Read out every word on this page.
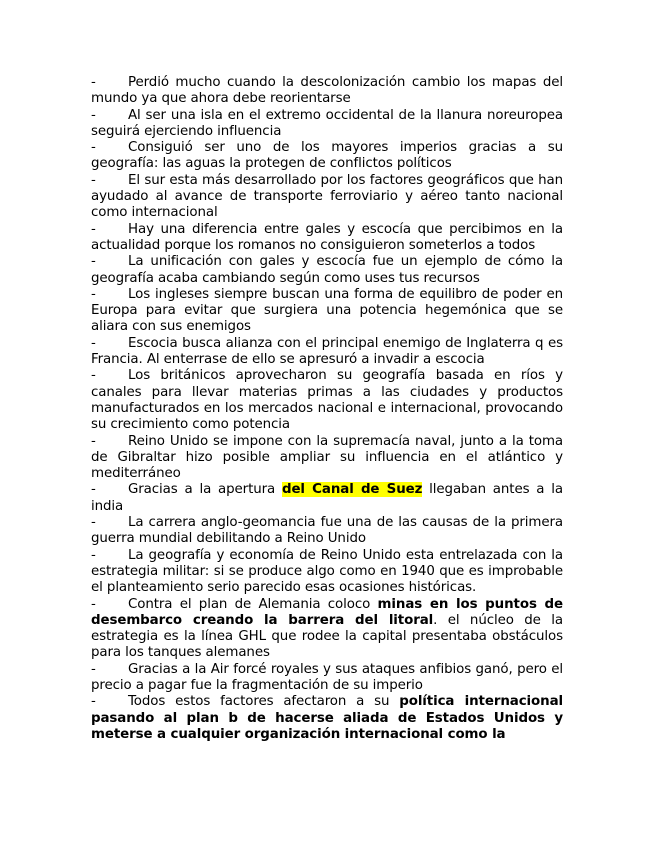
-	Perdió mucho cuando la descolonización cambio los mapas del mundo ya que ahora debe reorientarse
-	Al ser una isla en el extremo occidental de la llanura noreuropea seguirá ejerciendo influencia
-	Consiguió ser uno de los mayores imperios gracias a su geografía: las aguas la protegen de conflictos políticos
-	El sur esta más desarrollado por los factores geográficos que han ayudado al avance de transporte ferroviario y aéreo tanto nacional como internacional
-	Hay una diferencia entre gales y escocía que percibimos en la actualidad porque los romanos no consiguieron someterlos a todos
-	La unificación con gales y escocía fue un ejemplo de cómo la geografía acaba cambiando según como uses tus recursos
-	Los ingleses siempre buscan una forma de equilibro de poder en Europa para evitar que surgiera una potencia hegemónica que se aliara con sus enemigos
-	Escocia busca alianza con el principal enemigo de Inglaterra q es Francia. Al enterrase de ello se apresuró a invadir a escocia
-	Los británicos aprovecharon su geografía basada en ríos y canales para llevar materias primas a las ciudades y productos manufacturados en los mercados nacional e internacional, provocando su crecimiento como potencia
-	Reino Unido se impone con la supremacía naval, junto a la toma de Gibraltar hizo posible ampliar su influencia en el atlántico y mediterráneo
-	Gracias a la apertura del Canal de Suez llegaban antes a la india
-	La carrera anglo-geomancia fue una de las causas de la primera guerra mundial debilitando a Reino Unido
-	La geografía y economía de Reino Unido esta entrelazada con la estrategia militar: si se produce algo como en 1940 que es improbable el planteamiento serio parecido esas ocasiones históricas.
-	Contra el plan de Alemania coloco minas en los puntos de desembarco creando la barrera del litoral. el núcleo de la estrategia es la línea GHL que rodee la capital presentaba obstáculos para los tanques alemanes
-	Gracias a la Air forcé royales y sus ataques anfibios ganó, pero el precio a pagar fue la fragmentación de su imperio
-	Todos estos factores afectaron a su política internacional pasando al plan b de hacerse aliada de Estados Unidos y meterse a cualquier organización internacional como la
